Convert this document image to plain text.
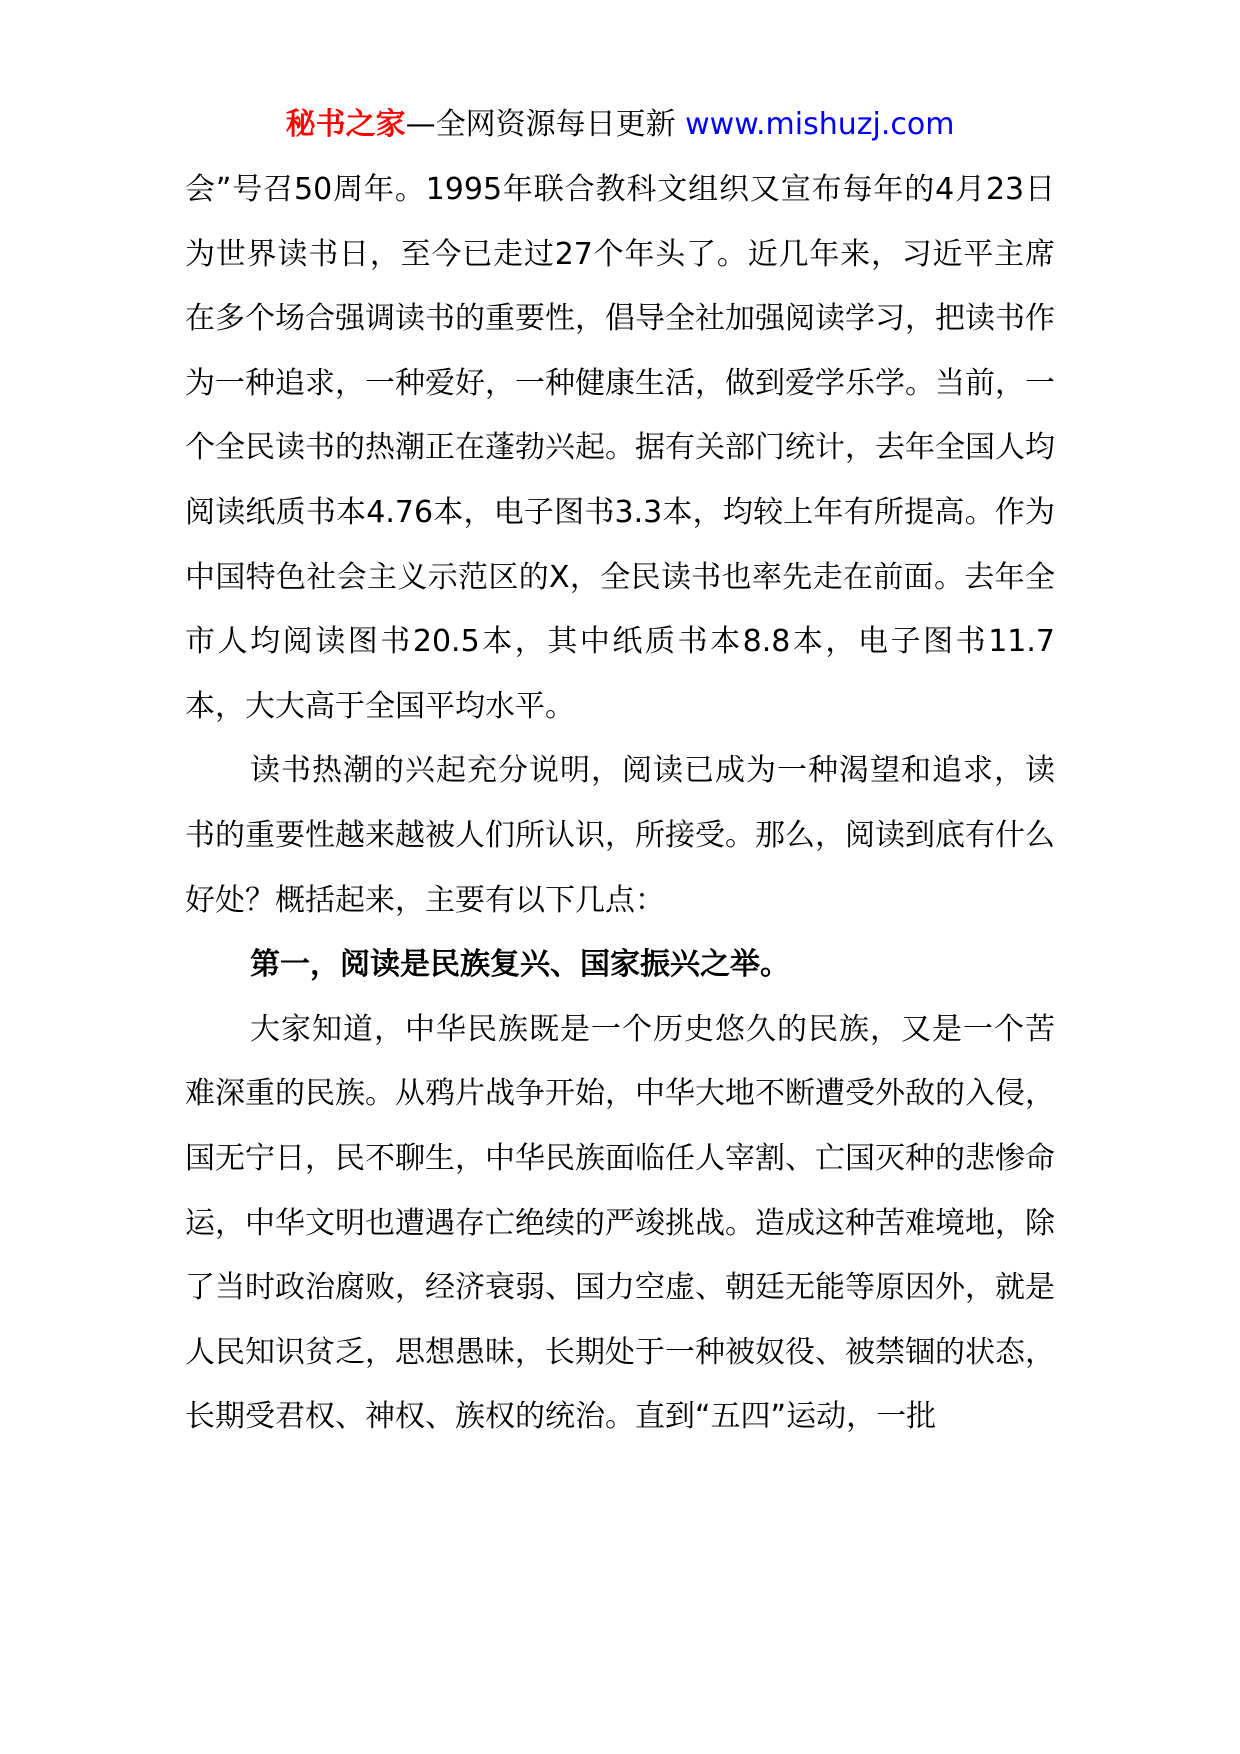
秘书之家—全网资源每日更新 www.mishuzj.com

会”号召50周年。1995年联合教科文组织又宣布每年的4月23日为世界读书日，至今已走过27个年头了。近几年来，习近平主席在多个场合强调读书的重要性，倡导全社加强阅读学习，把读书作为一种追求，一种爱好，一种健康生活，做到爱学乐学。当前，一个全民读书的热潮正在蓬勃兴起。据有关部门统计，去年全国人均阅读纸质书本4.76本，电子图书3.3本，均较上年有所提高。作为中国特色社会主义示范区的X，全民读书也率先走在前面。去年全市人均阅读图书20.5本，其中纸质书本8.8本，电子图书11.7本，大大高于全国平均水平。

读书热潮的兴起充分说明，阅读已成为一种渴望和追求，读书的重要性越来越被人们所认识，所接受。那么，阅读到底有什么好处？概括起来，主要有以下几点：

第一，阅读是民族复兴、国家振兴之举。

大家知道，中华民族既是一个历史悠久的民族，又是一个苦难深重的民族。从鸦片战争开始，中华大地不断遭受外敌的入侵，国无宁日，民不聊生，中华民族面临任人宰割、亡国灭种的悲惨命运，中华文明也遭遇存亡绝续的严竣挑战。造成这种苦难境地，除了当时政治腐败，经济衰弱、国力空虚、朝廷无能等原因外，就是人民知识贫乏，思想愚昧，长期处于一种被奴役、被禁锢的状态，长期受君权、神权、族权的统治。直到“五四”运动，一批
